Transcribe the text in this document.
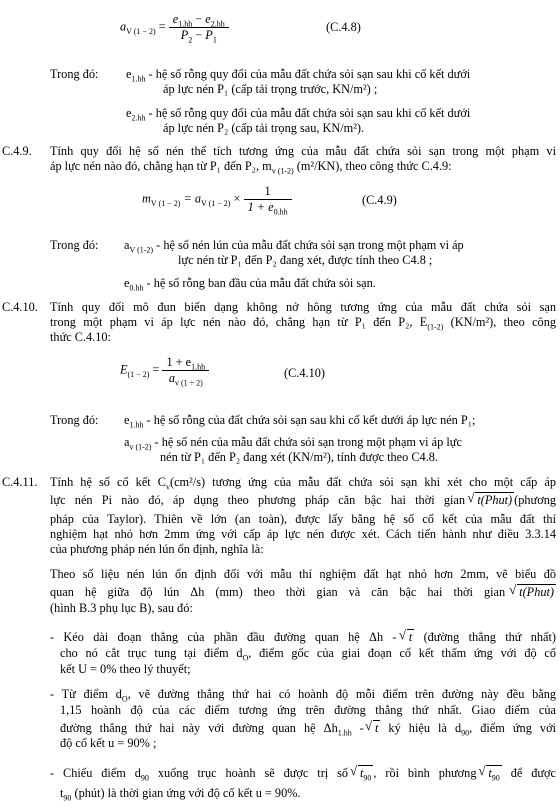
$a_{V (1 - 2)} = \frac{e_{1.hh} - e_{2.hh}}{P_2 - P_1}$	(C.4.8)
Trong đó: $e_{1.hh}$ - hệ số rỗng quy đổi của mẫu đất chứa sỏi sạn sau khi cố kết dưới
áp lực nén P₁ (cấp tải trọng trước, KN/m²) ;
$e_{2.hh}$ - hệ số rỗng quy đổi của mẫu đất chứa sỏi sạn sau khi cố kết dưới
áp lực nén P₂ (cấp tải trọng sau, KN/m²).
C.4.9. Tính quy đổi hệ số nén thể tích tương ứng của mẫu đất chứa sỏi sạn trong một phạm vi
áp lực nén nào đó, chẳng hạn từ P₁ đến P₂, $m_{v (1-2)}$ (m²/KN), theo công thức C.4.9:
$m_{V (1 - 2)} = a_{V (1 - 2)} \times \frac{1}{1 + e_{0.hh}}$	(C.4.9)
Trong đó: $a_{V (1-2)}$ - hệ số nén lún của mẫu đất chứa sỏi sạn trong một phạm vi áp
lực nén từ P₁ đến P₂ đang xét, được tính theo C4.8 ;
$e_{0.hh}$ - hệ số rỗng ban đầu của mẫu đất chứa sỏi sạn.
C.4.10. Tính quy đổi mô đun biến dạng không nở hông tương ứng của mẫu đất chứa sỏi sạn
trong một phạm vi áp lực nén nào đó, chẳng hạn từ P₁ đến P₂, $E_{(1-2)}$ (KN/m²), theo công
thức C.4.10:
$E_{(1 - 2)} = \frac{1 + e_{1.hh}}{a_{v (1 \div 2)}}$	(C.4.10)
Trong đó: $e_{1.hh}$ - hệ số rỗng của đất chứa sỏi sạn sau khi cố kết dưới áp lực nén P₁;
$a_{v (1-2)}$ - hệ số nén của mẫu đất chứa sỏi sạn trong một phạm vi áp lực
nén từ P₁ đến P₂ đang xét (KN/m²), tính được theo C4.8.
C.4.11. Tính hệ số cố kết $C_v(cm^2/s)$ tương ứng của mẫu đất chứa sỏi sạn khi xét cho một cấp áp
lực nén Pi nào đó, áp dụng theo phương pháp căn bậc hai thời gian √ t(Phut) (phương
pháp của Taylor). Thiên về lớn (an toàn), được lấy bằng hệ số cố kết của mẫu đất thí
nghiệm hạt nhỏ hơn 2mm ứng với cấp áp lực nén được xét. Cách tiến hành như điều 3.3.14
của phương pháp nén lún ổn định, nghĩa là:
Theo số liệu nén lún ổn định đối với mẫu thí nghiệm đất hạt nhỏ hơn 2mm, vẽ biểu đồ
quan hệ giữa độ lún Δh (mm) theo thời gian và căn bậc hai thời gian √ t(Phut)
(hình B.3 phụ lục B), sau đó:
- Kéo dài đoạn thẳng của phần đầu đường quan hệ Δh - √ t (đường thẳng thứ nhất)
cho nó cắt trục tung tại điểm $d_O$, điểm gốc của giai đoạn cố kết thấm ứng với độ cố
kết U = 0% theo lý thuyết;
- Từ điểm $d_O$, vẽ đường thẳng thứ hai có hoành độ mỗi điểm trên đường này đều bằng
1,15 hoành độ của các điểm tương ứng trên đường thẳng thứ nhất. Giao điểm của
đường thẳng thứ hai này với đường quan hệ $\Delta h_{1.hh}$ - √ t ký hiệu là $d_{90}$, điểm ứng với
độ cố kết u = 90% ;
- Chiếu điểm $d_{90}$ xuống trục hoành sẽ được trị số √ $t_{90}$ , rồi bình phương √ $t_{90}$ để được
$t_{90}$ (phút) là thời gian ứng với độ cố kết u = 90%.
